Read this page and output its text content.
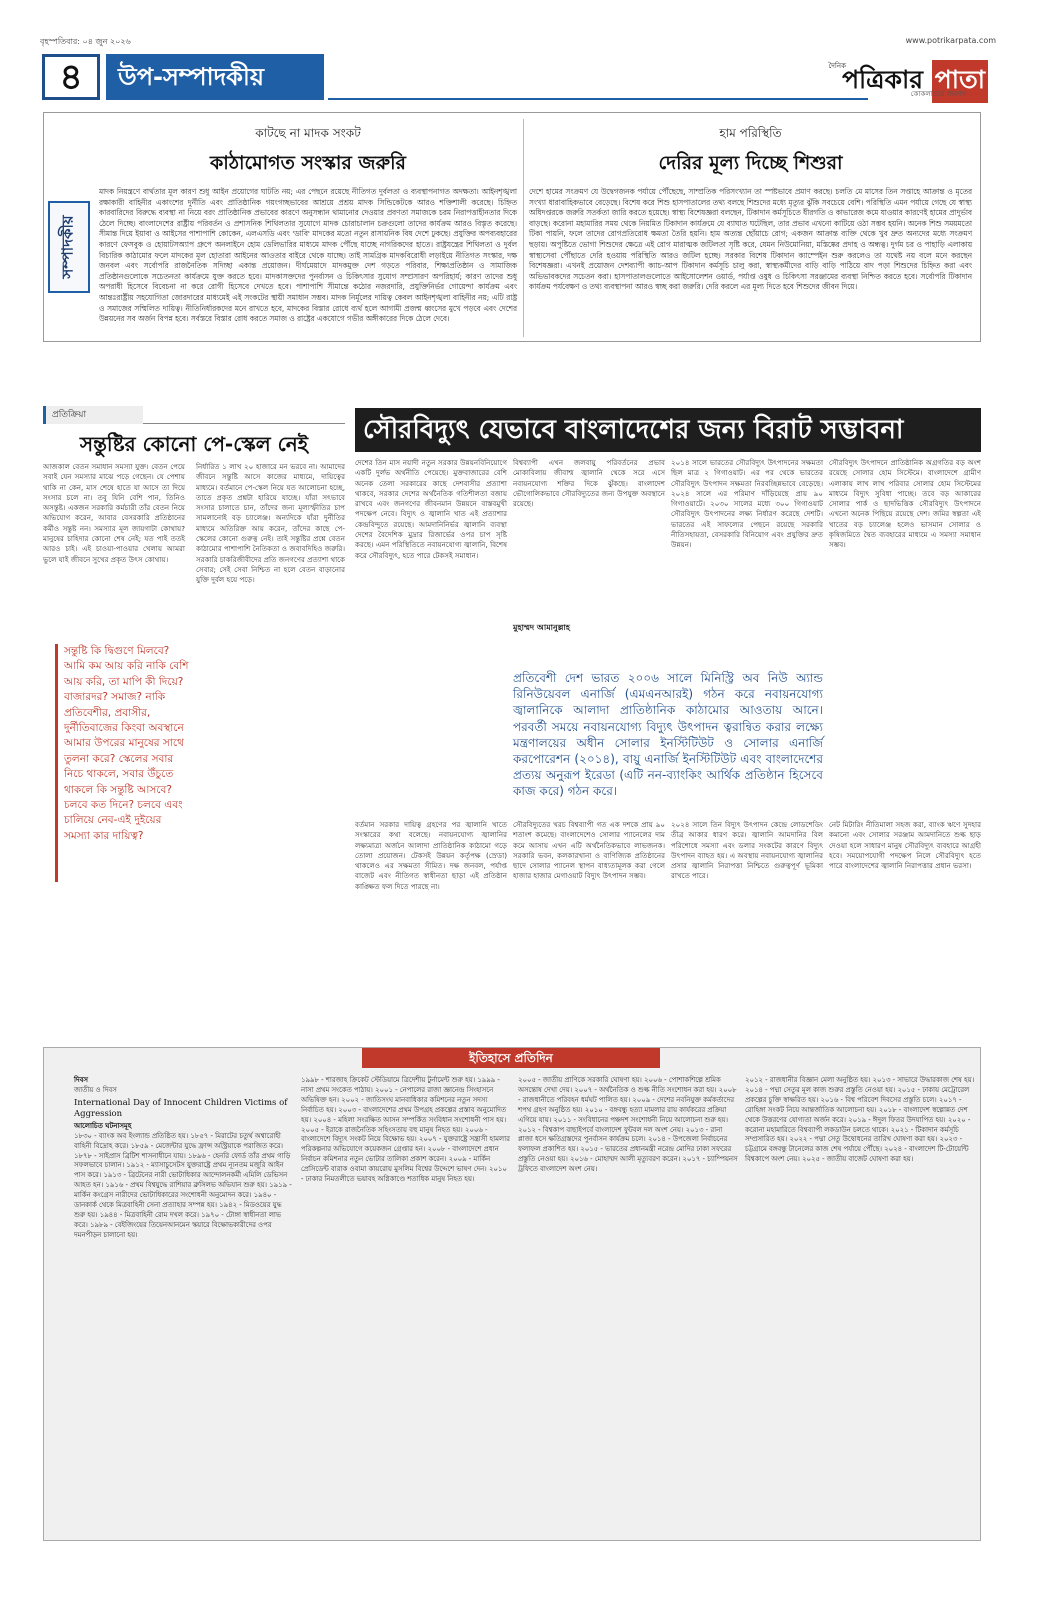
বৃহস্পতিবার: ০৪ জুন ২০২৬	www.potrikarpata.com
৪	উপ-সম্পাদকীয়	দৈনিক
পত্রিকার পাতা
কোকলাতরে জনগণ
সম্পাদকীয়
কাটছে না মাদক সংকট
কাঠামোগত সংস্কার জরুরি
মাদক নিয়ন্ত্রণে বার্থতার মূল কারণ শুধু আইন প্রয়োগের ঘাটতি নয়; এর পেছনে রয়েছে নীতিগত দুর্বলতা ও ব্যবস্থাপনাগত অদক্ষতা। আইনশৃঙ্খলা রক্ষাকারী বাহিনীর একাংশের দুর্নীতি এবং প্রাতিষ্ঠানিক গয়ংগচ্ছভাবের আশ্রয়ে প্রশ্রয় মাদক সিন্ডিকেটকে আরও শক্তিশালী করেছে। চিহ্নিত কারবারিদের বিরুদ্ধে ব্যবস্থা না নিয়ে বরং প্রাতিষ্ঠানিক প্রভাবের কারণে অনুসন্ধান থামানোর দেওয়ার প্রবণতা সমাজকে চরম নিরাপত্তাহীনতার দিকে ঠেলে দিচ্ছে। বাংলাদেশের রাষ্ট্রীয় পরিবর্তন ও প্রশাসনিক শিথিলতার সুযোগে মাদক চোরাচালান চক্রগুলো তাদের কার্যক্রম আরও বিস্তৃত করেছে। সীমান্ত দিয়ে ইয়াবা ও আইসের পাশাপাশি কোকেন, এলএসডি এবং 'ডাবি' মাদকের মতো নতুন রাসায়নিক বিষ দেশে ঢুকছে। প্রযুক্তির অপব্যবহারের কারণে ফেসবুক ও হোয়াটসঅ্যাপ গ্রুপে অনলাইনে হোম ডেলিভারির মাধ্যমে মাদক পৌঁছে যাচ্ছে নাগরিকদের হাতে। রাষ্ট্রযন্ত্রের শিথিলতা ও দুর্বল বিচারিক কাঠামোর ফলে মাদকের মূল হোতারা আইনের আওতার বাইরে থেকে যাচ্ছে। তাই সামগ্রিক মাদকবিরোধী লড়াইয়ে নীতিগত সংস্কার, দক্ষ জনবল এবং সর্বোপরি রাজনৈতিক সদিচ্ছা একান্ত প্রয়োজন। দীর্ঘমেয়াদে মাদকমুক্ত দেশ গড়তে পরিবার, শিক্ষাপ্রতিষ্ঠান ও সামাজিক প্রতিষ্ঠানগুলোকে সচেতনতা কার্যক্রমে যুক্ত করতে হবে। মাদকাসক্তদের পুনর্বাসন ও চিকিৎসার সুযোগ সম্প্রসারণ অপরিহার্য; কারণ তাদের শুধু অপরাধী হিসেবে বিবেচনা না করে রোগী হিসেবে দেখতে হবে। পাশাপাশি সীমান্তে কঠোর নজরদারি, প্রযুক্তিনির্ভর গোয়েন্দা কার্যক্রম এবং আন্তঃরাষ্ট্রীয় সহযোগিতা জোরদারের মাধ্যমেই এই সংকটের স্থায়ী সমাধান সম্ভব। মাদক নির্মূলের দায়িত্ব কেবল আইনশৃঙ্খলা বাহিনীর নয়; এটি রাষ্ট্র ও সমাজের সম্মিলিত দায়িত্ব। নীতিনির্ধারকদের মনে রাখতে হবে, মাদকের বিস্তার রোধে ব্যর্থ হলে আগামী প্রজন্ম ধ্বংসের মুখে পড়বে এবং দেশের উন্নয়নের সব অর্জন বিপন্ন হবে। সর্বস্তরে বিস্তার রোধ করতে সমাজ ও রাষ্ট্রের একযোগে গভীর অঙ্গীকারের দিকে ঠেলে দেবে।
হাম পরিস্থিতি
দেরির মূল্য দিচ্ছে শিশুরা
দেশে হামের সংক্রমণ যে উদ্বেগজনক পর্যায়ে পৌঁছেছে, সাম্প্রতিক পরিসংখ্যান তা স্পষ্টভাবে প্রমাণ করছে। চলতি মে মাসের তিন সপ্তাহে আক্রান্ত ও মৃতের সংখ্যা ধারাবাহিকভাবে বেড়েছে। বিশেষ করে শিশু হাসপাতালের তথ্য বলছে শিশুদের মধ্যে মৃত্যুর ঝুঁকি সবচেয়ে বেশি। পরিস্থিতি এমন পর্যায়ে গেছে যে স্বাস্থ্য অধিদপ্তরকে জরুরি সতর্কতা জারি করতে হয়েছে। স্বাস্থ্য বিশেষজ্ঞরা বলছেন, টিকাদান কর্মসূচিতে ধীরগতি ও কাভারেজ কমে যাওয়ার কারণেই হামের প্রাদুর্ভাব বাড়ছে। করোনা মহামারির সময় থেকে নিয়মিত টিকাদান কার্যক্রমে যে ব্যাঘাত ঘটেছিল, তার প্রভাব এখনো কাটিয়ে ওঠা সম্ভব হয়নি। অনেক শিশু সময়মতো টিকা পায়নি, ফলে তাদের রোগপ্রতিরোধ ক্ষমতা তৈরি হয়নি। হাম অত্যন্ত ছোঁয়াচে রোগ; একজন আক্রান্ত ব্যক্তি থেকে খুব দ্রুত অন্যদের মধ্যে সংক্রমণ ছড়ায়। অপুষ্টিতে ভোগা শিশুদের ক্ষেত্রে এই রোগ মারাত্মক জটিলতা সৃষ্টি করে, যেমন নিউমোনিয়া, মস্তিষ্কের প্রদাহ ও অন্ধত্ব। দুর্গম চর ও পাহাড়ি এলাকায় স্বাস্থ্যসেবা পৌঁছাতে দেরি হওয়ায় পরিস্থিতি আরও জটিল হচ্ছে। সরকার বিশেষ টিকাদান ক্যাম্পেইন শুরু করলেও তা যথেষ্ট নয় বলে মনে করছেন বিশেষজ্ঞরা। এখনই প্রয়োজন দেশব্যাপী ক্যাচ-আপ টিকাদান কর্মসূচি চালু করা, স্বাস্থ্যকর্মীদের বাড়ি বাড়ি পাঠিয়ে বাদ পড়া শিশুদের চিহ্নিত করা এবং অভিভাবকদের সচেতন করা। হাসপাতালগুলোতে আইসোলেশন ওয়ার্ড, পর্যাপ্ত ওষুধ ও চিকিৎসা সরঞ্জামের ব্যবস্থা নিশ্চিত করতে হবে। সর্বোপরি টিকাদান কার্যক্রম পর্যবেক্ষণ ও তথ্য ব্যবস্থাপনা আরও স্বচ্ছ করা জরুরি। দেরি করলে এর মূল্য দিতে হবে শিশুদের জীবন দিয়ে।
প্রতিক্রিয়া
সন্তুষ্টির কোনো পে-স্কেল নেই
আজকাল বেতন সমাধান সমস্যা যুক্ত। বেতন পেয়ে সবাই যেন সমস্যার মাঝে পড়ে গেছেন। যে পেশায় থাকি না কেন, মাস শেষে হাতে যা আসে তা দিয়ে সংসার চলে না। তবু যিনি বেশি পান, তিনিও অসন্তুষ্ট। একজন সরকারি কর্মচারী তাঁর বেতন নিয়ে অভিযোগ করেন, আবার বেসরকারি প্রতিষ্ঠানের কর্মীও সন্তুষ্ট নন। সমস্যার মূল জায়গাটা কোথায়? মানুষের চাহিদার কোনো শেষ নেই; যত পাই ততই আরও চাই। এই চাওয়া-পাওয়ার খেলায় আমরা ভুলে যাই জীবনে সুখের প্রকৃত উৎস কোথায়।
নির্ধারিত ১ লাখ ২০ হাজারে মন ভরবে না। আমাদের জীবনে সন্তুষ্টি আসে কাজের মাধ্যমে, দায়িত্বের মাধ্যমে। বর্তমানে পে-স্কেল নিয়ে যত আলোচনা হচ্ছে, তাতে প্রকৃত প্রশ্নটা হারিয়ে যাচ্ছে। যাঁরা সৎভাবে সংসার চালাতে চান, তাঁদের জন্য মূল্যস্ফীতির চাপ সামলানোই বড় চ্যালেঞ্জ। অন্যদিকে যাঁরা দুর্নীতির মাধ্যমে অতিরিক্ত আয় করেন, তাঁদের কাছে পে-স্কেলের কোনো গুরুত্ব নেই। তাই সন্তুষ্টির প্রশ্নে বেতন কাঠামোর পাশাপাশি নৈতিকতা ও জবাবদিহিও জরুরি। সরকারি চাকরিজীবীদের প্রতি জনগণের প্রত্যাশা থাকে সেবার; সেই সেবা নিশ্চিত না হলে বেতন বাড়ানোর যুক্তি দুর্বল হয়ে পড়ে।
সন্তুষ্টি কি দ্বিগুণে মিলবে? আমি কম আয় করি নাকি বেশি আয় করি, তা মাপি কী দিয়ে? বাজারদর? সমাজ? নাকি প্রতিবেশীর, প্রবাসীর, দুর্নীতিবাজের কিংবা অবস্থানে আমার উপরের মানুষের সাথে তুলনা করে? স্কেলের সবার নিচে থাকলে, সবার উঁচুতে থাকলে কি সন্তুষ্টি আসবে? চলবে কত দিনে? চলবে এবং চালিয়ে নেব-এই দুইয়ের সমস্যা কার দায়িত্ব?
সৌরবিদ্যুৎ যেভাবে বাংলাদেশের জন্য বিরাট সম্ভাবনা
দেশের তিন মাস নয়াদী নতুন সরকার উন্নয়নবিনিয়োগে একটি দুর্লভ অর্থনীতি পেয়েছে। মুক্তবাজারের বেশি অনেক তেলা সরকারের কাছে দেশবাসীর প্রত্যাশা থাকবে, সরকার দেশের অর্থনৈতিক গতিশীলতা বজায় রাখবে এবং জনগণের জীবনমান উন্নয়নে বাস্তবমুখী পদক্ষেপ নেবে। বিদ্যুৎ ও জ্বালানি খাত এই প্রত্যাশার কেন্দ্রবিন্দুতে রয়েছে। আমদানিনির্ভর জ্বালানি ব্যবস্থা দেশের বৈদেশিক মুদ্রার রিজার্ভের ওপর চাপ সৃষ্টি করছে। এমন পরিস্থিতিতে নবায়নযোগ্য জ্বালানি, বিশেষ করে সৌরবিদ্যুৎ, হতে পারে টেকসই সমাধান।
বিশ্বব্যাপী এখন জলবায়ু পরিবর্তনের প্রভাব মোকাবিলায় জীবাশ্ম জ্বালানি থেকে সরে এসে নবায়নযোগ্য শক্তির দিকে ঝুঁকছে। বাংলাদেশ ভৌগোলিকভাবে সৌরবিদ্যুতের জন্য উপযুক্ত অবস্থানে রয়েছে।
মুহাম্মদ আমানুল্লাহ
২০১৪ সালে ভারতের সৌরবিদ্যুৎ উৎপাদনের সক্ষমতা ছিল মাত্র ২ গিগাওয়াট। এর পর থেকে ভারতের সৌরবিদ্যুৎ উৎপাদন সক্ষমতা নিরবচ্ছিন্নভাবে বেড়েছে। ২০২৪ সালে এর পরিমাণ দাঁড়িয়েছে প্রায় ৯০ গিগাওয়াটে। ২০৩০ সালের মধ্যে ৩০০ গিগাওয়াট সৌরবিদ্যুৎ উৎপাদনের লক্ষ্য নির্ধারণ করেছে দেশটি। ভারতের এই সাফল্যের পেছনে রয়েছে সরকারি নীতিসহায়তা, বেসরকারি বিনিয়োগ এবং প্রযুক্তির দ্রুত উন্নয়ন।
সৌরবিদ্যুৎ উৎপাদনে প্রাতিষ্ঠানিক অগ্রগতির বড় অংশ রয়েছে সোলার হোম সিস্টেমে। বাংলাদেশে গ্রামীণ এলাকায় লাখ লাখ পরিবার সোলার হোম সিস্টেমের মাধ্যমে বিদ্যুৎ সুবিধা পাচ্ছে। তবে বড় আকারের সোলার পার্ক ও ছাদভিত্তিক সৌরবিদ্যুৎ উৎপাদনে এখনো অনেক পিছিয়ে রয়েছে দেশ। জমির স্বল্পতা এই খাতের বড় চ্যালেঞ্জ হলেও ভাসমান সোলার ও কৃষিজমিতে দ্বৈত ব্যবহারের মাধ্যমে এ সমস্যা সমাধান সম্ভব।
প্রতিবেশী দেশ ভারত ২০০৬ সালে মিনিস্ট্রি অব নিউ অ্যান্ড রিনিউয়েবল এনার্জি (এমএনআরই) গঠন করে নবায়নযোগ্য জ্বালানিকে আলাদা প্রাতিষ্ঠানিক কাঠামোর আওতায় আনে। পরবর্তী সময়ে নবায়নযোগ্য বিদ্যুৎ উৎপাদন ত্বরান্বিত করার লক্ষ্যে মন্ত্রণালয়ের অধীন সোলার ইনস্টিটিউট ও সোলার এনার্জি করপোরেশন (২০১৪), বায়ু এনার্জি ইনস্টিটিউট এবং বাংলাদেশের প্রত্যয় অনুরূপ ইরেডা (এটি নন-ব্যাংকিং আর্থিক প্রতিষ্ঠান হিসেবে কাজ করে) গঠন করে।
বর্তমান সরকার দায়িত্ব গ্রহণের পর জ্বালানি খাতে সংস্কারের কথা বলেছে। নবায়নযোগ্য জ্বালানির লক্ষ্যমাত্রা অর্জনে আলাদা প্রাতিষ্ঠানিক কাঠামো গড়ে তোলা প্রয়োজন। টেকসই উন্নয়ন কর্তৃপক্ষ (স্রেডা) থাকলেও এর সক্ষমতা সীমিত। দক্ষ জনবল, পর্যাপ্ত বাজেট এবং নীতিগত স্বাধীনতা ছাড়া এই প্রতিষ্ঠান কাঙ্ক্ষিত ফল দিতে পারছে না।
সৌরবিদ্যুতের খরচ বিশ্বব্যাপী গত এক দশকে প্রায় ৯০ শতাংশ কমেছে। বাংলাদেশেও সোলার প্যানেলের দাম কমে আসায় এখন এটি অর্থনৈতিকভাবে লাভজনক। সরকারি ভবন, কলকারখানা ও বাণিজ্যিক প্রতিষ্ঠানের ছাদে সোলার প্যানেল স্থাপন বাধ্যতামূলক করা গেলে হাজার হাজার মেগাওয়াট বিদ্যুৎ উৎপাদন সম্ভব।
২০২৪ সালে তিন বিদ্যুৎ উৎপাদন কেন্দ্রে লোডশেডিং তীব্র আকার ধারণ করে। জ্বালানি আমদানির বিল পরিশোধে সমস্যা এবং ডলার সংকটের কারণে বিদ্যুৎ উৎপাদন ব্যাহত হয়। এ অবস্থায় নবায়নযোগ্য জ্বালানির প্রসার জ্বালানি নিরাপত্তা নিশ্চিতে গুরুত্বপূর্ণ ভূমিকা রাখতে পারে।
নেট মিটারিং নীতিমালা সহজ করা, ব্যাংক ঋণে সুদহার কমানো এবং সোলার সরঞ্জাম আমদানিতে শুল্ক ছাড় দেওয়া হলে সাধারণ মানুষ সৌরবিদ্যুৎ ব্যবহারে আগ্রহী হবে। সময়োপযোগী পদক্ষেপ নিলে সৌরবিদ্যুৎ হতে পারে বাংলাদেশের জ্বালানি নিরাপত্তার প্রধান ভরসা।
ইতিহাসে প্রতিদিন
দিবস
জাতীয় ও দিবস
International Day of Innocent Children Victims of Aggression
আলোচিত ঘটনাসমূহ
১৮৩০ - ব্যাংক অব ইংল্যান্ড প্রতিষ্ঠিত হয়। ১৮৫৭ - মিরাটের চতুর্থ অশ্বারোহী বাহিনী বিদ্রোহ করে। ১৮৫৯ - মেজেন্টার যুদ্ধে ফ্রান্স অস্ট্রিয়াকে পরাজিত করে। ১৮৭৮ - সাইপ্রাস ব্রিটিশ শাসনাধীনে যায়। ১৮৯৬ - হেনরি ফোর্ড তাঁর প্রথম গাড়ি সফলভাবে চালান। ১৯১২ - ম্যাসাচুসেটস যুক্তরাষ্ট্রে প্রথম ন্যূনতম মজুরি আইন পাস করে। ১৯১৩ - ব্রিটেনের নারী ভোটাধিকার আন্দোলনকর্মী এমিলি ডেভিসন আহত হন। ১৯১৬ - প্রথম বিশ্বযুদ্ধে রাশিয়ার ব্রুসিলভ অভিযান শুরু হয়। ১৯১৯ - মার্কিন কংগ্রেস নারীদের ভোটাধিকারের সংশোধনী অনুমোদন করে। ১৯৪০ - ডানকার্ক থেকে মিত্রবাহিনী সেনা প্রত্যাহার সম্পন্ন হয়। ১৯৪২ - মিডওয়ের যুদ্ধ শুরু হয়। ১৯৪৪ - মিত্রবাহিনী রোম দখল করে। ১৯৭০ - টোঙ্গা স্বাধীনতা লাভ করে। ১৯৮৯ - বেইজিংয়ের তিয়েনআনমেন স্কয়ারে বিক্ষোভকারীদের ওপর দমনপীড়ন চালানো হয়।
১৯৯৮ - শারজাহ ক্রিকেট স্টেডিয়ামে ত্রিদেশীয় টুর্নামেন্ট শুরু হয়। ১৯৯৯ - নাসা প্রথম সংকেত পাঠায়। ২০০১ - নেপালের রাজা জ্ঞানেন্দ্র সিংহাসনে অভিষিক্ত হন। ২০০২ - জাতিসংঘ মানবাধিকার কমিশনের নতুন সদস্য নির্বাচিত হয়। ২০০৩ - বাংলাদেশের প্রথম উপগ্রহ প্রকল্পের প্রস্তাব অনুমোদিত হয়। ২০০৪ - মহিলা সংরক্ষিত আসন সম্পর্কিত সংবিধান সংশোধনী পাস হয়। ২০০৫ - ইরাকে রাজনৈতিক সহিংসতায় বহু মানুষ নিহত হয়। ২০০৬ - বাংলাদেশে বিদ্যুৎ সংকট নিয়ে বিক্ষোভ হয়। ২০০৭ - যুক্তরাষ্ট্রে সন্ত্রাসী হামলার পরিকল্পনার অভিযোগে কয়েকজন গ্রেপ্তার হন। ২০০৮ - বাংলাদেশে প্রধান নির্বাচন কমিশনার নতুন ভোটার তালিকা প্রকাশ করেন। ২০০৯ - মার্কিন প্রেসিডেন্ট বারাক ওবামা কায়রোয় মুসলিম বিশ্বের উদ্দেশে ভাষণ দেন। ২০১০ - ঢাকার নিমতলীতে ভয়াবহ অগ্নিকাণ্ডে শতাধিক মানুষ নিহত হয়।
২০০৫ - জাতীয় প্রাণিকে সরকারি ঘোষণা হয়। ২০০৬ - পোশাকশিল্পে শ্রমিক অসন্তোষ দেখা দেয়। ২০০৭ - অর্থনৈতিক ও শুল্ক নীতি সংশোধন করা হয়। ২০০৮ - রাজধানীতে পরিবহন ধর্মঘট পালিত হয়। ২০০৯ - দেশের নবনিযুক্ত কর্মকর্তাদের শপথ গ্রহণ অনুষ্ঠিত হয়। ২০১০ - বঙ্গবন্ধু হত্যা মামলার রায় কার্যকরের প্রক্রিয়া এগিয়ে যায়। ২০১১ - সংবিধানের পঞ্চদশ সংশোধনী নিয়ে আলোচনা শুরু হয়। ২০১২ - বিশ্বকাপ বাছাইপর্বে বাংলাদেশ ফুটবল দল অংশ নেয়। ২০১৩ - রানা প্লাজা ধসে ক্ষতিগ্রস্তদের পুনর্বাসন কার্যক্রম চলে। ২০১৪ - উপজেলা নির্বাচনের ফলাফল প্রকাশিত হয়। ২০১৫ - ভারতের প্রধানমন্ত্রী নরেন্দ্র মোদির ঢাকা সফরের প্রস্তুতি নেওয়া হয়। ২০১৬ - মোহাম্মদ আলী মৃত্যুবরণ করেন। ২০১৭ - চ্যাম্পিয়নস ট্রফিতে বাংলাদেশ অংশ নেয়।
২০১২ - রাজধানীর বিজ্ঞান মেলা অনুষ্ঠিত হয়। ২০১৩ - সাভারে উদ্ধারকাজ শেষ হয়। ২০১৪ - পদ্মা সেতুর মূল কাজ শুরুর প্রস্তুতি নেওয়া হয়। ২০১৫ - ঢাকায় মেট্রোরেল প্রকল্পের চুক্তি স্বাক্ষরিত হয়। ২০১৬ - বিশ্ব পরিবেশ দিবসের প্রস্তুতি চলে। ২০১৭ - রোহিঙ্গা সংকট নিয়ে আন্তর্জাতিক আলোচনা হয়। ২০১৮ - বাংলাদেশ স্বল্পোন্নত দেশ থেকে উত্তরণের যোগ্যতা অর্জন করে। ২০১৯ - ঈদুল ফিতর উদযাপিত হয়। ২০২০ - করোনা মহামারিতে বিশ্বব্যাপী লকডাউন চলতে থাকে। ২০২১ - টিকাদান কর্মসূচি সম্প্রসারিত হয়। ২০২২ - পদ্মা সেতু উদ্বোধনের তারিখ ঘোষণা করা হয়। ২০২৩ - চট্টগ্রামে বঙ্গবন্ধু টানেলের কাজ শেষ পর্যায়ে পৌঁছে। ২০২৪ - বাংলাদেশ টি-টোয়েন্টি বিশ্বকাপে অংশ নেয়। ২০২৫ - জাতীয় বাজেট ঘোষণা করা হয়।
